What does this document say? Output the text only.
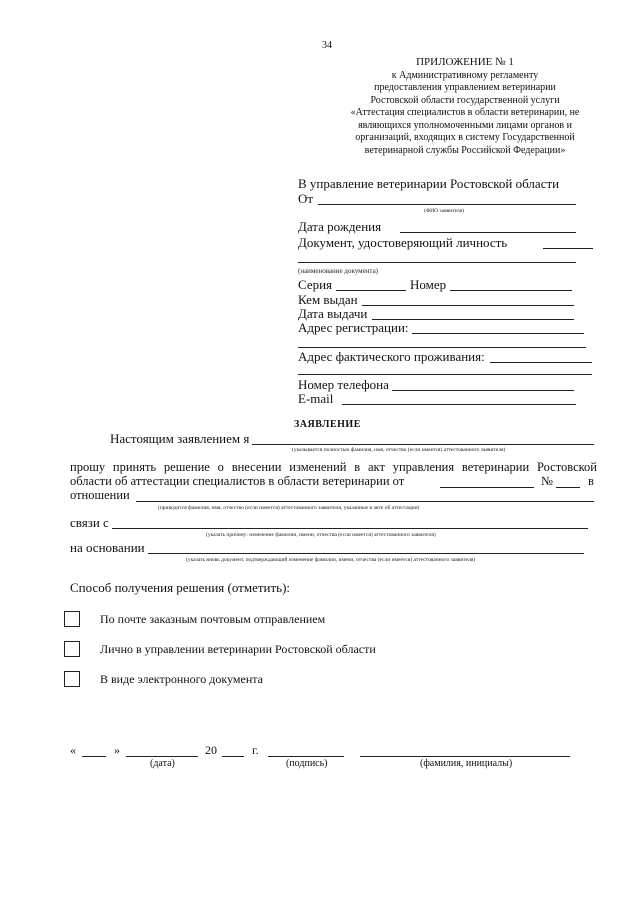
34
ПРИЛОЖЕНИЕ № 1
к Административному регламенту
предоставления управлением ветеринарии
Ростовской области государственной услуги
«Аттестация специалистов в области ветеринарии, не
являющихся уполномоченными лицами органов и
организаций, входящих в систему Государственной
ветеринарной службы Российской Федерации»
В управление ветеринарии Ростовской области
От
(ФИО заявителя)
Дата рождения
Документ, удостоверяющий личность
(наименование документа)
Серия	Номер
Кем выдан
Дата выдачи
Адрес регистрации:
Адрес фактического проживания:
Номер телефона
E-mail
ЗАЯВЛЕНИЕ
Настоящим заявлением я
(указывается полностью фамилия, имя, отчество (если имеется) аттестованного заявителя)
прошу принять решение о внесении изменений в акт управления ветеринарии Ростовской
области об аттестации специалистов в области ветеринарии от	№	в
отношении
(приводится фамилия, имя, отчество (если имеется) аттестованного заявителя, указанные в акте об аттестации)
связи с
(указать причину: изменение фамилии, имени, отчества (если имеется) аттестованного заявителя)
на основании
(указать вновь документ, подтверждающий изменение фамилии, имени, отчества (если имеется) аттестованного заявителя)
Способ получения решения (отметить):
По почте заказным почтовым отправлением
Лично в управлении ветеринарии Ростовской области
В виде электронного документа
«	»	20	г.
(дата)	(подпись)	(фамилия, инициалы)
